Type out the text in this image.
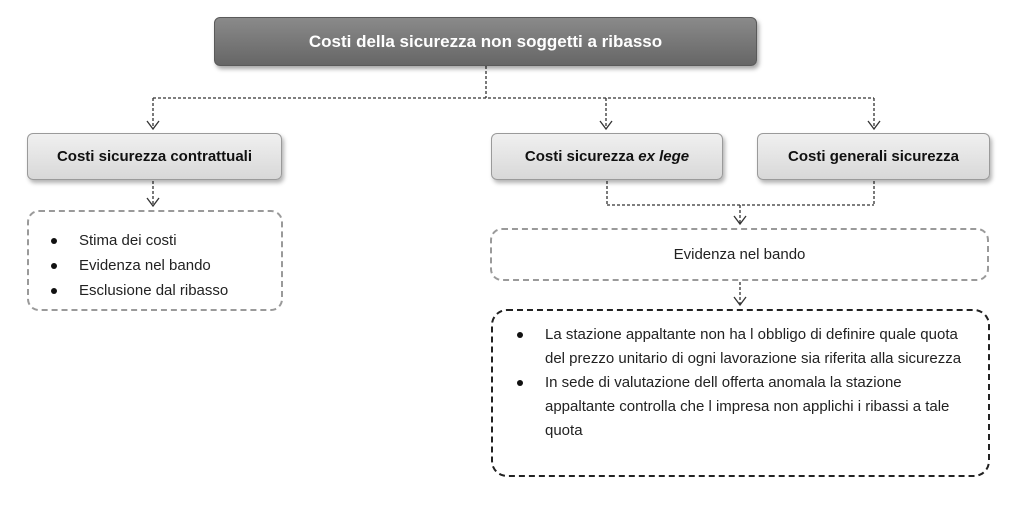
Costi della sicurezza non soggetti a ribasso
Costi sicurezza contrattuali	Costi sicurezza ex lege	Costi generali sicurezza
Stima dei costi
Evidenza nel bando
Esclusione dal ribasso
Evidenza nel bando
La stazione appaltante non ha l obbligo di definire quale quota del prezzo unitario di ogni lavorazione sia riferita alla sicurezza
In sede di valutazione dell offerta anomala la stazione appaltante controlla che l impresa non applichi i ribassi a tale quota
